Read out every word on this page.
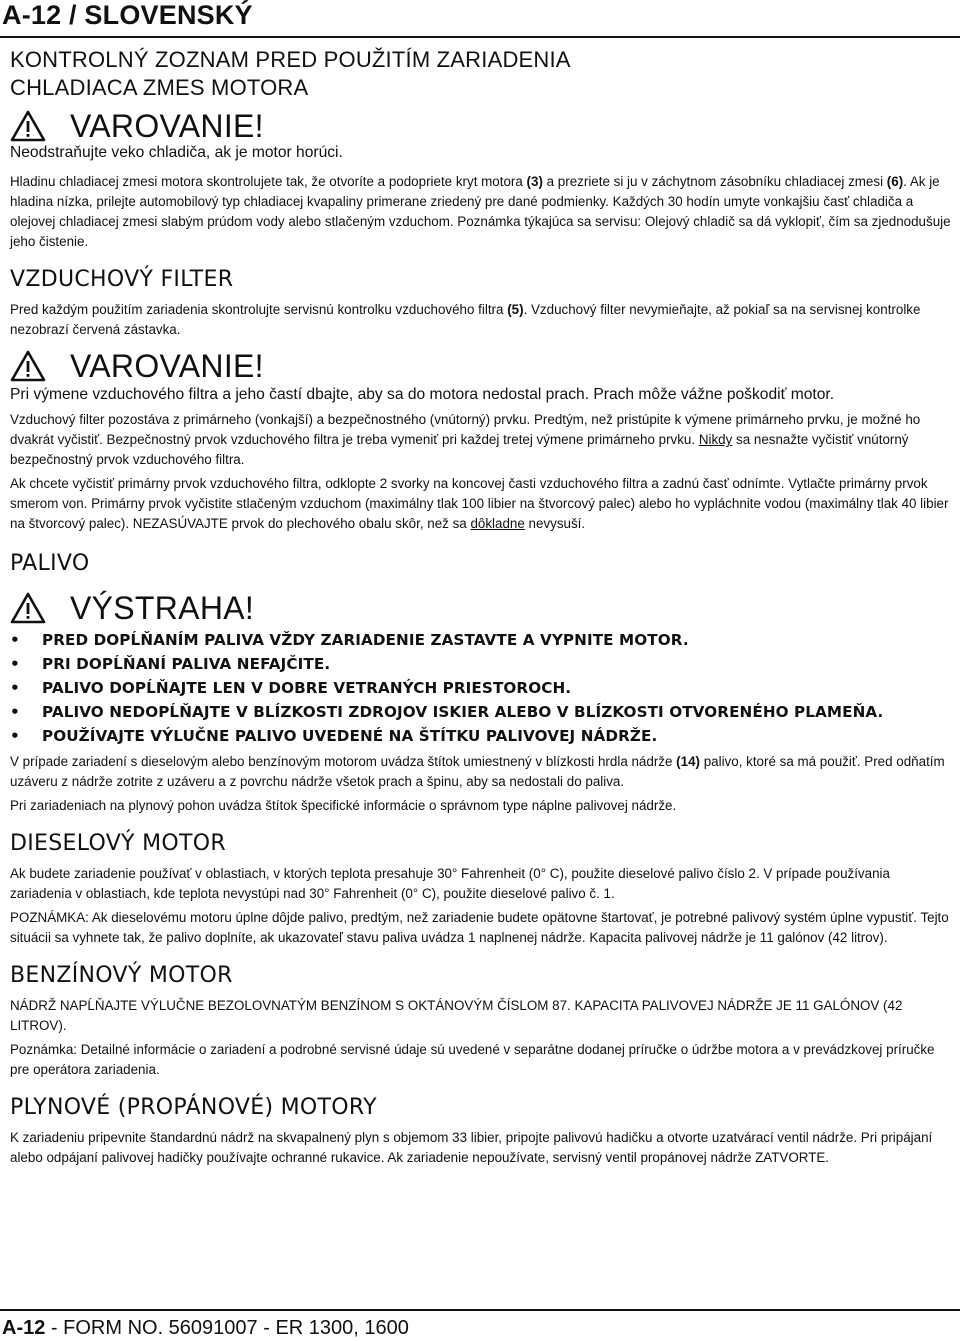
A-12 / SLOVENSKÝ
KONTROLNÝ ZOZNAM PRED POUŽITÍM ZARIADENIA
CHLADIACA ZMES MOTORA
VAROVANIE!

Neodstraňujte veko chladiča, ak je motor horúci.

Hladinu chladiacej zmesi motora skontrolujete tak, že otvoríte a podopriete kryt motora (3) a prezriete si ju v záchytnom zásobníku chladiacej zmesi (6). Ak je hladina nízka, prilejte automobilový typ chladiacej kvapaliny primerane zriedený pre dané podmienky. Každých 30 hodín umyte vonkajšiu časť chladiča a olejovej chladiacej zmesi slabým prúdom vody alebo stlačeným vzduchom. Poznámka týkajúca sa servisu: Olejový chladič sa dá vyklopiť, čím sa zjednodušuje jeho čistenie.

VZDUCHOVÝ FILTER

Pred každým použitím zariadenia skontrolujte servisnú kontrolku vzduchového filtra (5). Vzduchový filter nevymieňajte, až pokiaľ sa na servisnej kontrolke nezobrazí červená zástavka.

VAROVANIE!

Pri výmene vzduchového filtra a jeho častí dbajte, aby sa do motora nedostal prach. Prach môže vážne poškodiť motor.

Vzduchový filter pozostáva z primárneho (vonkajší) a bezpečnostného (vnútorný) prvku. Predtým, než pristúpite k výmene primárneho prvku, je možné ho dvakrát vyčistiť. Bezpečnostný prvok vzduchového filtra je treba vymeniť pri každej tretej výmene primárneho prvku. Nikdy sa nesnažte vyčistiť vnútorný bezpečnostný prvok vzduchového filtra.

Ak chcete vyčistiť primárny prvok vzduchového filtra, odklopte 2 svorky na koncovej časti vzduchového filtra a zadnú časť odnímte. Vytlačte primárny prvok smerom von. Primárny prvok vyčistite stlačeným vzduchom (maximálny tlak 100 libier na štvorcový palec) alebo ho vypláchnite vodou (maximálny tlak 40 libier na štvorcový palec). NEZASÚVAJTE prvok do plechového obalu skôr, než sa dôkladne nevysuší.

PALIVO
VÝSTRAHA!
• PRED DOPĹŇANÍM PALIVA VŽDY ZARIADENIE ZASTAVTE A VYPNITE MOTOR.
• PRI DOPĹŇANÍ PALIVA NEFAJČITE.
• PALIVO DOPĹŇAJTE LEN V DOBRE VETRANÝCH PRIESTOROCH.
• PALIVO NEDOPĹŇAJTE V BLÍZKOSTI ZDROJOV ISKIER ALEBO V BLÍZKOSTI OTVORENÉHO PLAMEŇA.
• POUŽÍVAJTE VÝLUČNE PALIVO UVEDENÉ NA ŠTÍTKU PALIVOVEJ NÁDRŽE.

V prípade zariadení s dieselovým alebo benzínovým motorom uvádza štítok umiestnený v blízkosti hrdla nádrže (14) palivo, ktoré sa má použiť. Pred odňatím uzáveru z nádrže zotrite z uzáveru a z povrchu nádrže všetok prach a špinu, aby sa nedostali do paliva.

Pri zariadeniach na plynový pohon uvádza štítok špecifické informácie o správnom type náplne palivovej nádrže.

DIESELOVÝ MOTOR

Ak budete zariadenie používať v oblastiach, v ktorých teplota presahuje 30° Fahrenheit (0° C), použite dieselové palivo číslo 2. V prípade používania zariadenia v oblastiach, kde teplota nevystúpi nad 30° Fahrenheit (0° C), použite dieselové palivo č. 1.

POZNÁMKA: Ak dieselovému motoru úplne dôjde palivo, predtým, než zariadenie budete opätovne štartovať, je potrebné palivový systém úplne vypustiť. Tejto situácii sa vyhnete tak, že palivo doplníte, ak ukazovateľ stavu paliva uvádza 1 naplnenej nádrže. Kapacita palivovej nádrže je 11 galónov (42 litrov).

BENZÍNOVÝ MOTOR

NÁDRŽ NAPĹŇAJTE VÝLUČNE BEZOLOVNATÝM BENZÍNOM S OKTÁNOVÝM ČÍSLOM 87. KAPACITA PALIVOVEJ NÁDRŽE JE 11 GALÓNOV (42 LITROV).

Poznámka: Detailné informácie o zariadení a podrobné servisné údaje sú uvedené v separátne dodanej príručke o údržbe motora a v prevádzkovej príručke pre operátora zariadenia.

PLYNOVÉ (PROPÁNOVÉ) MOTORY

K zariadeniu pripevnite štandardnú nádrž na skvapalnený plyn s objemom 33 libier, pripojte palivovú hadičku a otvorte uzatvárací ventil nádrže. Pri pripájaní alebo odpájaní palivovej hadičky používajte ochranné rukavice. Ak zariadenie nepoužívate, servisný ventil propánovej nádrže ZATVORTE.

A-12 - FORM NO. 56091007 - ER 1300, 1600
